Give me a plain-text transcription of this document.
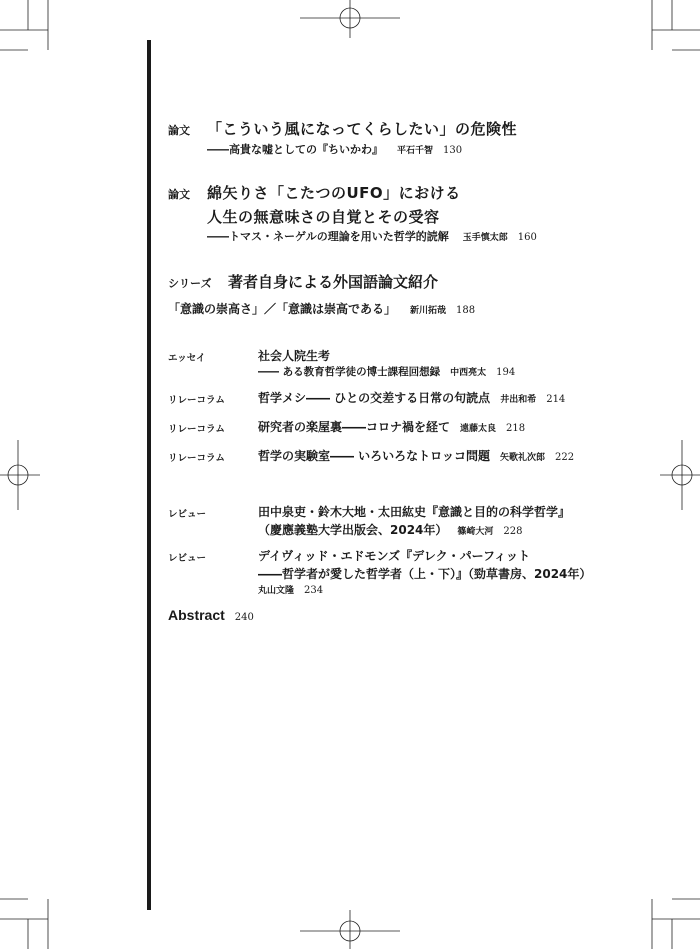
論文 「こういう風になってくらしたい」の危険性
――高貴な嘘としての『ちいかわ』 平石千智 130
論文 綿矢りさ「こたつのUFO」における
人生の無意味さの自覚とその受容
――トマス・ネーゲルの理論を用いた哲学的読解 玉手慎太郎 160
シリーズ 著者自身による外国語論文紹介
「意識の崇高さ」／「意識は崇高である」 新川拓哉 188
エッセイ	社会人院生考
―― ある教育哲学徒の博士課程回想録 中西亮太 194
リレーコラム	哲学メシ―― ひとの交差する日常の句読点 井出和希 214
リレーコラム	研究者の楽屋裏――コロナ禍を経て 遠藤太良 218
リレーコラム	哲学の実験室―― いろいろなトロッコ問題 矢歌礼次郎 222
レビュー	田中泉吏・鈴木大地・太田紘史『意識と目的の科学哲学』
（慶應義塾大学出版会、2024年） 篠崎大河 228
レビュー	デイヴィッド・エドモンズ『デレク・パーフィット
――哲学者が愛した哲学者（上・下）』（勁草書房、2024年）
丸山文隆 234
Abstract 240
